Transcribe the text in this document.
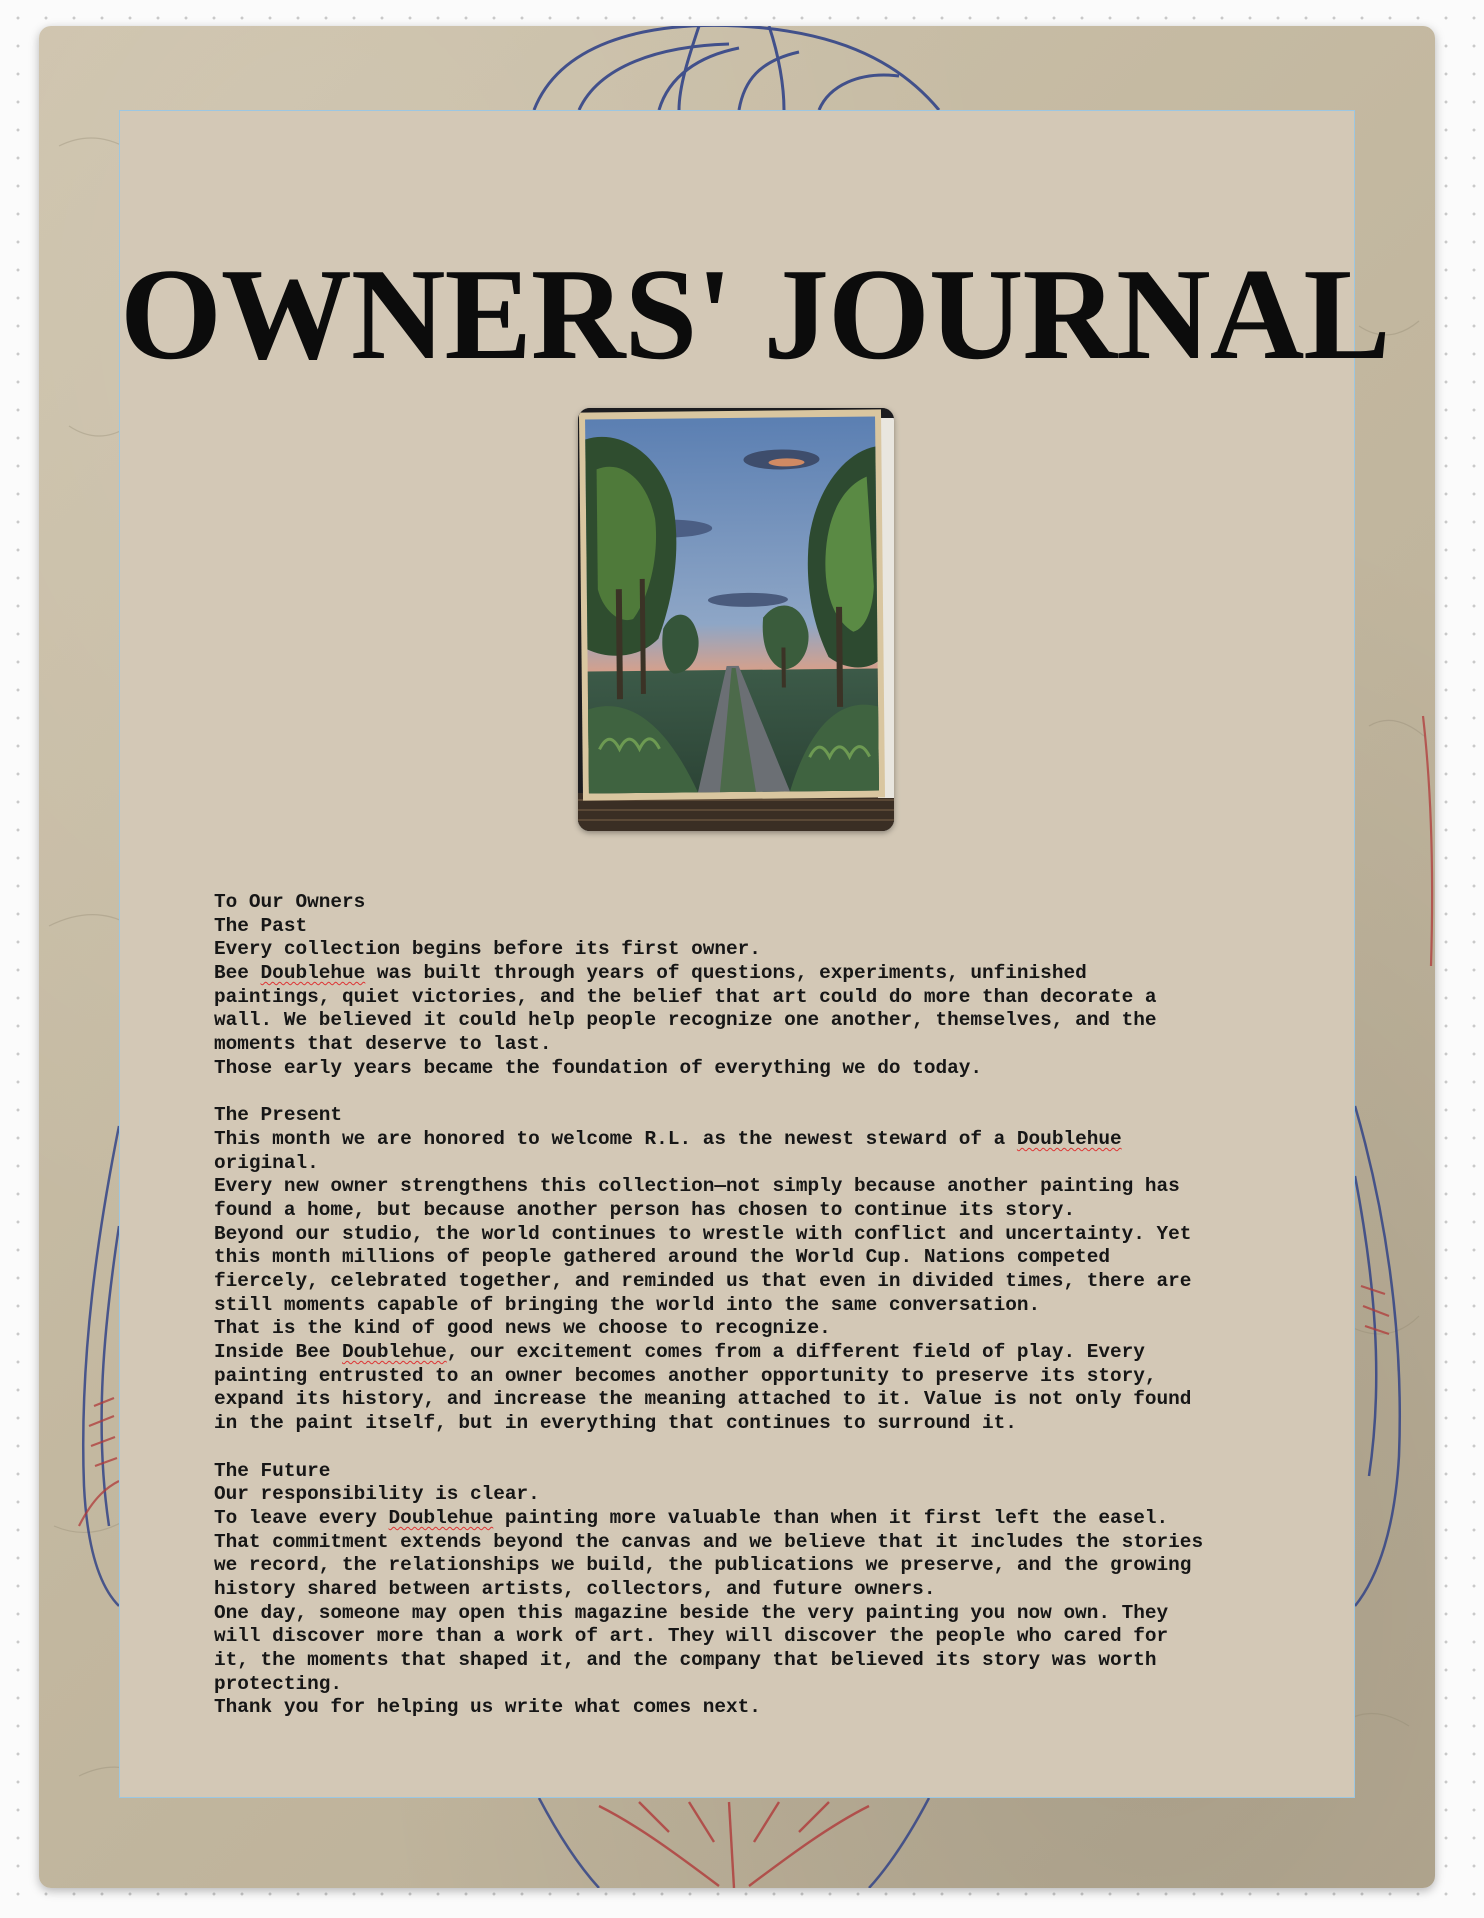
OWNERS' JOURNAL
To Our Owners
The Past
Every collection begins before its first owner.
Bee Doublehue was built through years of questions, experiments, unfinished
paintings, quiet victories, and the belief that art could do more than decorate a
wall. We believed it could help people recognize one another, themselves, and the
moments that deserve to last.
Those early years became the foundation of everything we do today.
The Present
This month we are honored to welcome R.L. as the newest steward of a Doublehue
original.
Every new owner strengthens this collection—not simply because another painting has
found a home, but because another person has chosen to continue its story.
Beyond our studio, the world continues to wrestle with conflict and uncertainty. Yet
this month millions of people gathered around the World Cup. Nations competed
fiercely, celebrated together, and reminded us that even in divided times, there are
still moments capable of bringing the world into the same conversation.
That is the kind of good news we choose to recognize.
Inside Bee Doublehue, our excitement comes from a different field of play. Every
painting entrusted to an owner becomes another opportunity to preserve its story,
expand its history, and increase the meaning attached to it. Value is not only found
in the paint itself, but in everything that continues to surround it.
The Future
Our responsibility is clear.
To leave every Doublehue painting more valuable than when it first left the easel.
That commitment extends beyond the canvas and we believe that it includes the stories
we record, the relationships we build, the publications we preserve, and the growing
history shared between artists, collectors, and future owners.
One day, someone may open this magazine beside the very painting you now own. They
will discover more than a work of art. They will discover the people who cared for
it, the moments that shaped it, and the company that believed its story was worth
protecting.
Thank you for helping us write what comes next.
